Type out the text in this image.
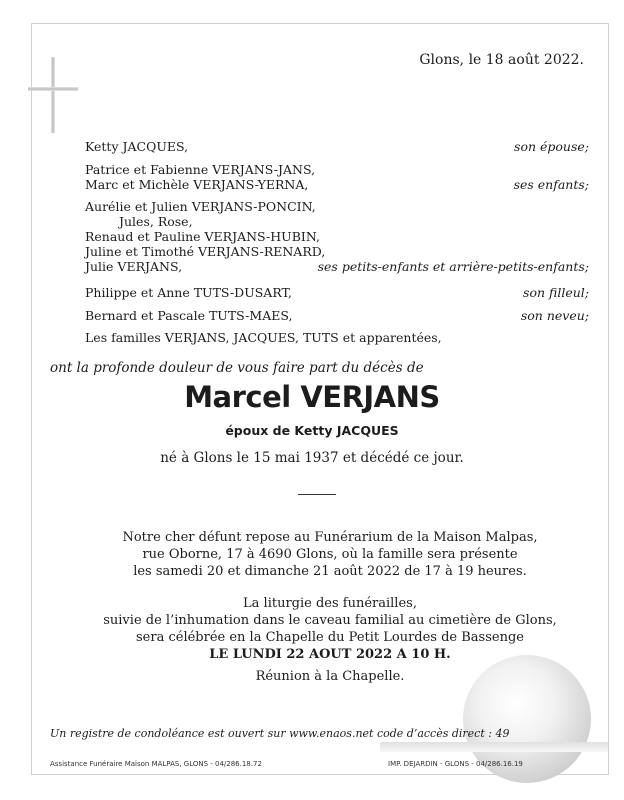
Glons, le 18 août 2022.
Ketty JACQUES,	son épouse;
Patrice et Fabienne VERJANS-JANS,
Marc et Michèle VERJANS-YERNA,	ses enfants;
Aurélie et Julien VERJANS-PONCIN,
Jules, Rose,
Renaud et Pauline VERJANS-HUBIN,
Juline et Timothé VERJANS-RENARD,
Julie VERJANS,	ses petits-enfants et arrière-petits-enfants;
Philippe et Anne TUTS-DUSART,	son filleul;
Bernard et Pascale TUTS-MAES,	son neveu;
Les familles VERJANS, JACQUES, TUTS et apparentées,
ont la profonde douleur de vous faire part du décès de
Marcel VERJANS
époux de Ketty JACQUES
né à Glons le 15 mai 1937 et décédé ce jour.
Notre cher défunt repose au Funérarium de la Maison Malpas,
rue Oborne, 17 à 4690 Glons, où la famille sera présente
les samedi 20 et dimanche 21 août 2022 de 17 à 19 heures.
La liturgie des funérailles,
suivie de l’inhumation dans le caveau familial au cimetière de Glons,
sera célébrée en la Chapelle du Petit Lourdes de Bassenge
LE LUNDI 22 AOUT 2022 A 10 H.
Réunion à la Chapelle.
Un registre de condoléance est ouvert sur www.enaos.net code d’accès direct : 49
Assistance Funéraire Maison MALPAS, GLONS - 04/286.18.72	IMP. DEJARDIN - GLONS - 04/286.16.19
